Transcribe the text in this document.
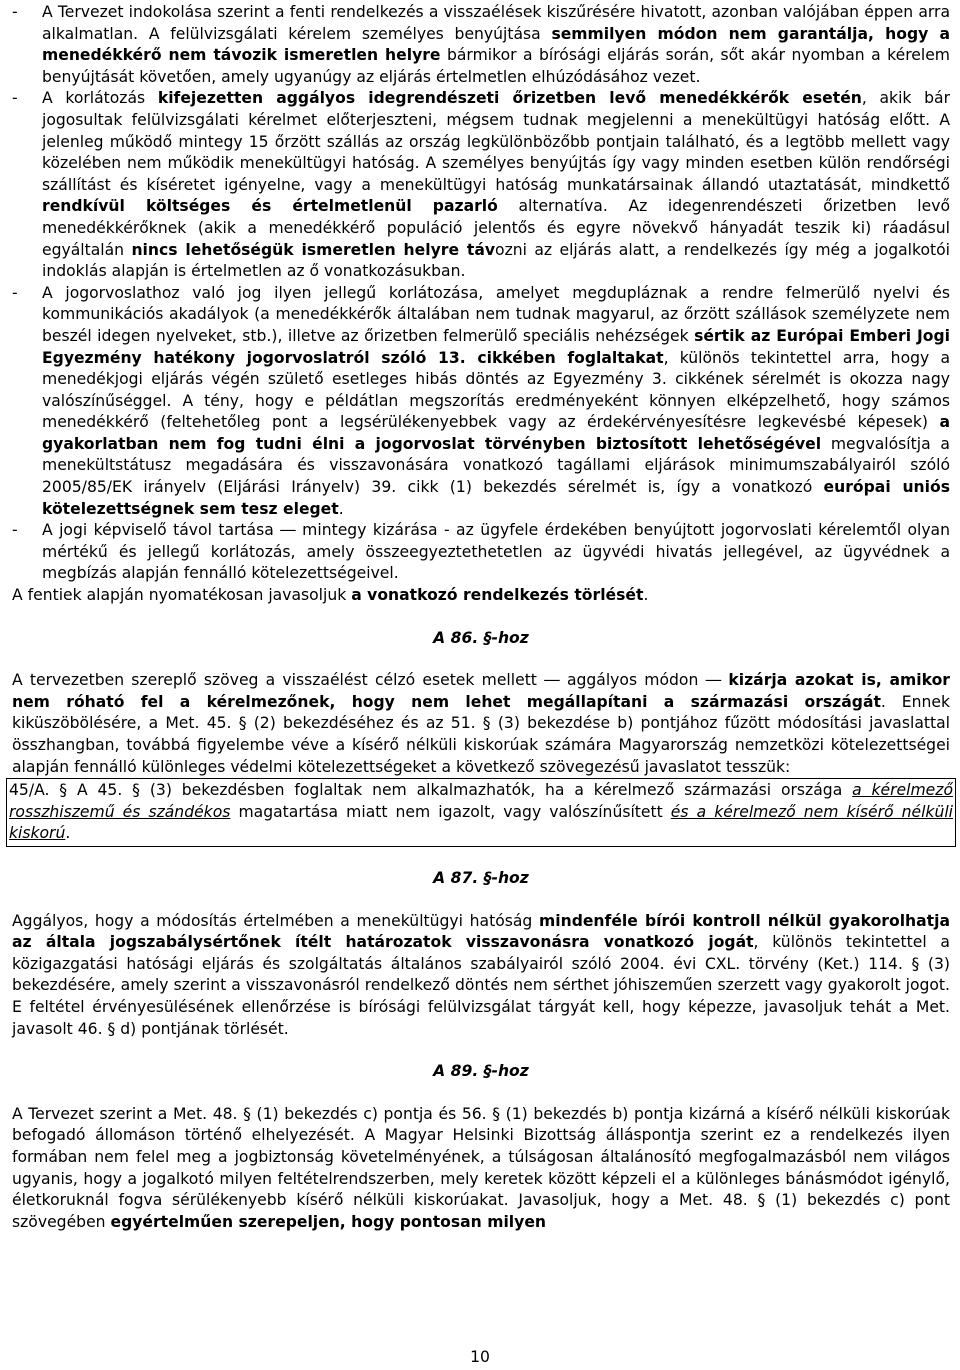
-	A Tervezet indokolása szerint a fenti rendelkezés a visszaélések kiszűrésére hivatott, azonban valójában éppen arra alkalmatlan. A felülvizsgálati kérelem személyes benyújtása semmilyen módon nem garantálja, hogy a menedékkérő nem távozik ismeretlen helyre bármikor a bírósági eljárás során, sőt akár nyomban a kérelem benyújtását követően, amely ugyanúgy az eljárás értelmetlen elhúzódásához vezet.
-	A korlátozás kifejezetten aggályos idegrendészeti őrizetben levő menedékkérők esetén, akik bár jogosultak felülvizsgálati kérelmet előterjeszteni, mégsem tudnak megjelenni a menekültügyi hatóság előtt. A jelenleg működő mintegy 15 őrzött szállás az ország legkülönbözőbb pontjain található, és a legtöbb mellett vagy közelében nem működik menekültügyi hatóság. A személyes benyújtás így vagy minden esetben külön rendőrségi szállítást és kíséretet igényelne, vagy a menekültügyi hatóság munkatársainak állandó utaztatását, mindkettő rendkívül költséges és értelmetlenül pazarló alternatíva. Az idegenrendészeti őrizetben levő menedékkérőknek (akik a menedékkérő populáció jelentős és egyre növekvő hányadát teszik ki) ráadásul egyáltalán nincs lehetőségük ismeretlen helyre távozni az eljárás alatt, a rendelkezés így még a jogalkotói indoklás alapján is értelmetlen az ő vonatkozásukban.
-	A jogorvoslathoz való jog ilyen jellegű korlátozása, amelyet megdupláznak a rendre felmerülő nyelvi és kommunikációs akadályok (a menedékkérők általában nem tudnak magyarul, az őrzött szállások személyzete nem beszél idegen nyelveket, stb.), illetve az őrizetben felmerülő speciális nehézségek sértik az Európai Emberi Jogi Egyezmény hatékony jogorvoslatról szóló 13. cikkében foglaltakat, különös tekintettel arra, hogy a menedékjogi eljárás végén születő esetleges hibás döntés az Egyezmény 3. cikkének sérelmét is okozza nagy valószínűséggel. A tény, hogy e példátlan megszorítás eredményeként könnyen elképzelhető, hogy számos menedékkérő (feltehetőleg pont a legsérülékenyebbek vagy az érdekérvényesítésre legkevésbé képesek) a gyakorlatban nem fog tudni élni a jogorvoslat törvényben biztosított lehetőségével megvalósítja a menekültstátusz megadására és visszavonására vonatkozó tagállami eljárások minimumszabályairól szóló 2005/85/EK irányelv (Eljárási Irányelv) 39. cikk (1) bekezdés sérelmét is, így a vonatkozó európai uniós kötelezettségnek sem tesz eleget.
-	A jogi képviselő távol tartása ― mintegy kizárása - az ügyfele érdekében benyújtott jogorvoslati kérelemtől olyan mértékű és jellegű korlátozás, amely összeegyeztethetetlen az ügyvédi hivatás jellegével, az ügyvédnek a megbízás alapján fennálló kötelezettségeivel.

A fentiek alapján nyomatékosan javasoljuk a vonatkozó rendelkezés törlését.

A 86. §-hoz

A tervezetben szereplő szöveg a visszaélést célzó esetek mellett ― aggályos módon ― kizárja azokat is, amikor nem róható fel a kérelmezőnek, hogy nem lehet megállapítani a származási országát. Ennek kiküszöbölésére, a Met. 45. § (2) bekezdéséhez és az 51. § (3) bekezdése b) pontjához fűzött módosítási javaslattal összhangban, továbbá figyelembe véve a kísérő nélküli kiskorúak számára Magyarország nemzetközi kötelezettségei alapján fennálló különleges védelmi kötelezettségeket a következő szövegezésű javaslatot tesszük:

45/A. § A 45. § (3) bekezdésben foglaltak nem alkalmazhatók, ha a kérelmező származási országa a kérelmező rosszhiszemű és szándékos magatartása miatt nem igazolt, vagy valószínűsített és a kérelmező nem kísérő nélküli kiskorú.

A 87. §-hoz

Aggályos, hogy a módosítás értelmében a menekültügyi hatóság mindenféle bírói kontroll nélkül gyakorolhatja az általa jogszabálysértőnek ítélt határozatok visszavonásra vonatkozó jogát, különös tekintettel a közigazgatási hatósági eljárás és szolgáltatás általános szabályairól szóló 2004. évi CXL. törvény (Ket.) 114. § (3) bekezdésére, amely szerint a visszavonásról rendelkező döntés nem sérthet jóhiszeműen szerzett vagy gyakorolt jogot. E feltétel érvényesülésének ellenőrzése is bírósági felülvizsgálat tárgyát kell, hogy képezze, javasoljuk tehát a Met. javasolt 46. § d) pontjának törlését.

A 89. §-hoz

A Tervezet szerint a Met. 48. § (1) bekezdés c) pontja és 56. § (1) bekezdés b) pontja kizárná a kísérő nélküli kiskorúak befogadó állomáson történő elhelyezését. A Magyar Helsinki Bizottság álláspontja szerint ez a rendelkezés ilyen formában nem felel meg a jogbiztonság követelményének, a túlságosan általánosító megfogalmazásból nem világos ugyanis, hogy a jogalkotó milyen feltételrendszerben, mely keretek között képzeli el a különleges bánásmódot igénylő, életkoruknál fogva sérülékenyebb kísérő nélküli kiskorúakat. Javasoljuk, hogy a Met. 48. § (1) bekezdés c) pont szövegében egyértelműen szerepeljen, hogy pontosan milyen

10
